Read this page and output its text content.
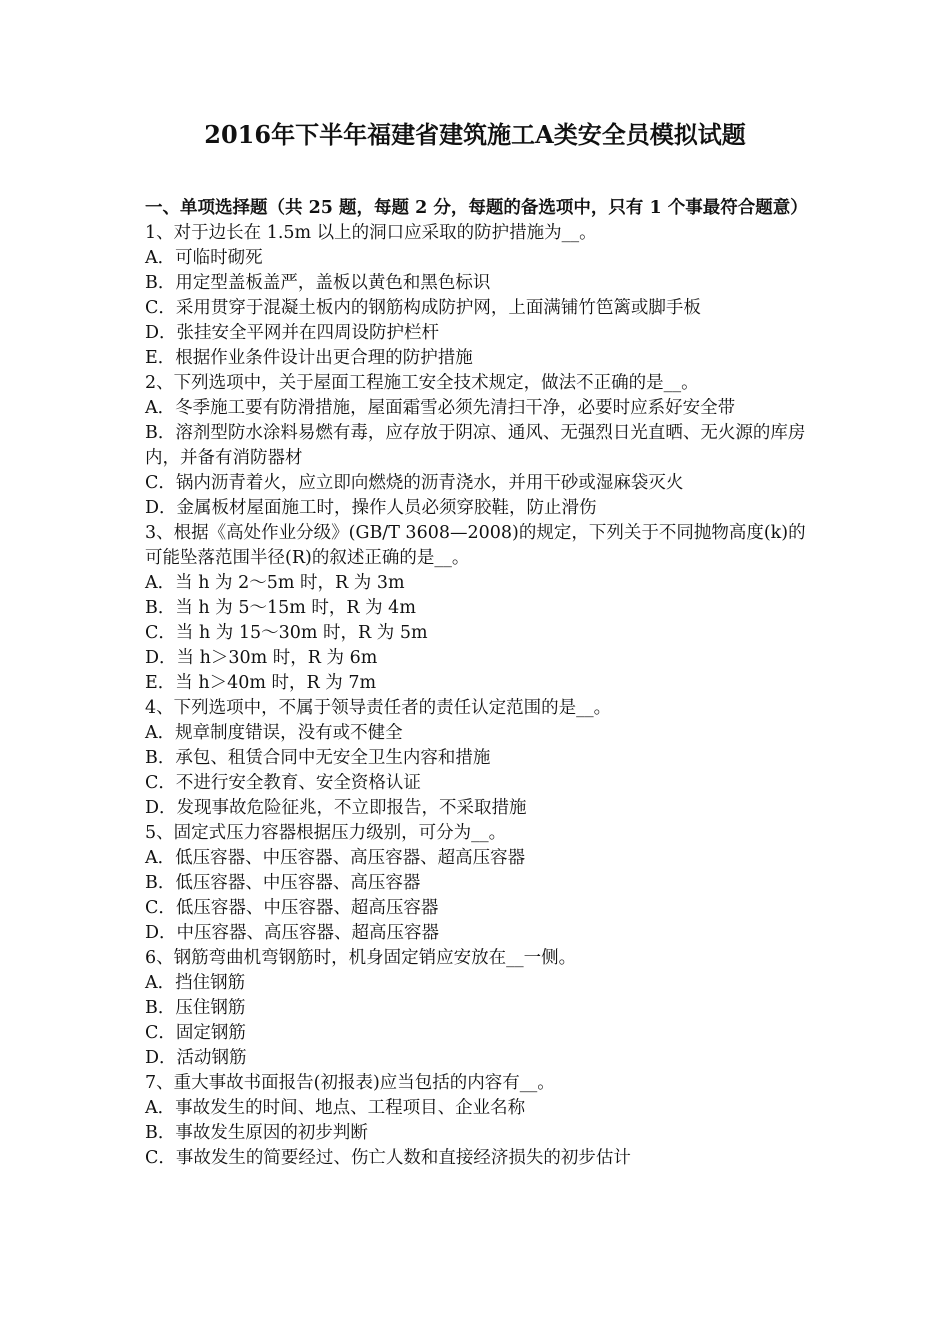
2016年下半年福建省建筑施工A类安全员模拟试题

一、单项选择题（共 25 题，每题 2 分，每题的备选项中，只有 1 个事最符合题意）

1、对于边长在 1.5m 以上的洞口应采取的防护措施为__。

A．可临时砌死

B．用定型盖板盖严，盖板以黄色和黑色标识

C．采用贯穿于混凝土板内的钢筋构成防护网，上面满铺竹笆篱或脚手板

D．张挂安全平网并在四周设防护栏杆

E．根据作业条件设计出更合理的防护措施

2、下列选项中，关于屋面工程施工安全技术规定，做法不正确的是__。

A．冬季施工要有防滑措施，屋面霜雪必须先清扫干净，必要时应系好安全带

B．溶剂型防水涂料易燃有毒，应存放于阴凉、通风、无强烈日光直晒、无火源的库房内，并备有消防器材

C．锅内沥青着火，应立即向燃烧的沥青浇水，并用干砂或湿麻袋灭火

D．金属板材屋面施工时，操作人员必须穿胶鞋，防止滑伤

3、根据《高处作业分级》(GB/T 3608—2008)的规定，下列关于不同抛物高度(k)的可能坠落范围半径(R)的叙述正确的是__。

A．当 h 为 2～5m 时，R 为 3m

B．当 h 为 5～15m 时，R 为 4m

C．当 h 为 15～30m 时，R 为 5m

D．当 h＞30m 时，R 为 6m

E．当 h＞40m 时，R 为 7m

4、下列选项中，不属于领导责任者的责任认定范围的是__。

A．规章制度错误，没有或不健全

B．承包、租赁合同中无安全卫生内容和措施

C．不进行安全教育、安全资格认证

D．发现事故危险征兆，不立即报告，不采取措施

5、固定式压力容器根据压力级别，可分为__。

A．低压容器、中压容器、高压容器、超高压容器

B．低压容器、中压容器、高压容器

C．低压容器、中压容器、超高压容器

D．中压容器、高压容器、超高压容器

6、钢筋弯曲机弯钢筋时，机身固定销应安放在__一侧。

A．挡住钢筋

B．压住钢筋

C．固定钢筋

D．活动钢筋

7、重大事故书面报告(初报表)应当包括的内容有__。

A．事故发生的时间、地点、工程项目、企业名称

B．事故发生原因的初步判断

C．事故发生的简要经过、伤亡人数和直接经济损失的初步估计
